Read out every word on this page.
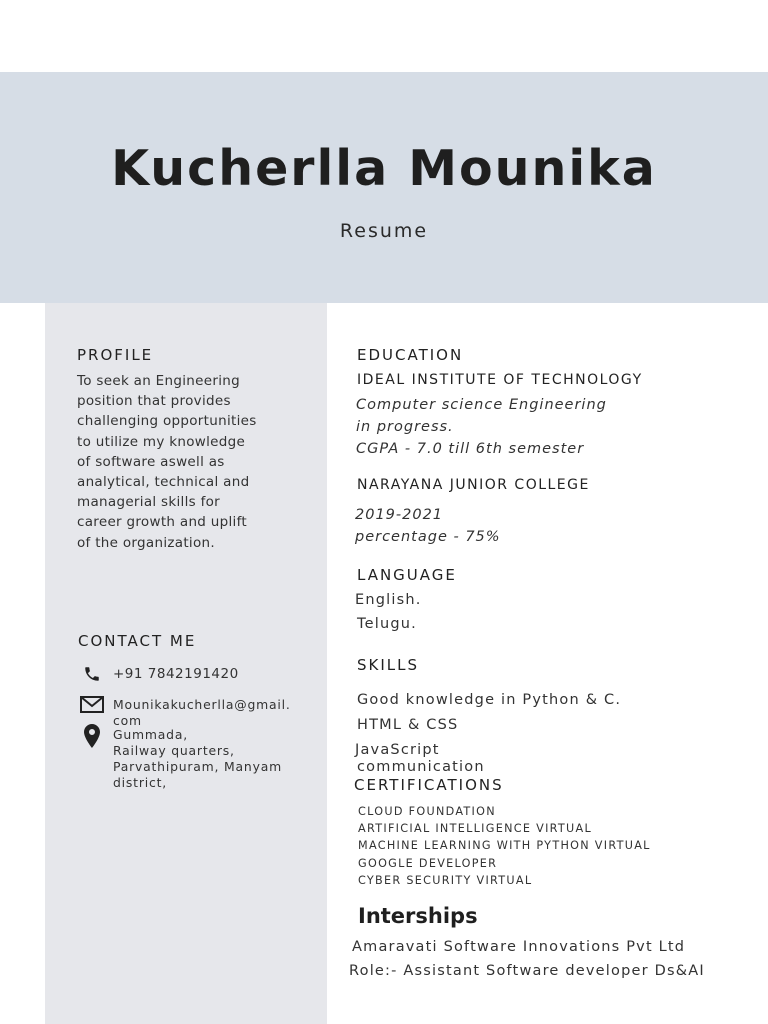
Kucherlla Mounika
Resume
PROFILE
To seek an Engineering
position that provides
challenging opportunities
to utilize my knowledge
of software aswell as
analytical, technical and
managerial skills for
career growth and uplift
of the organization.
CONTACT ME
+91 7842191420
Mounikakucherlla@gmail.
com
Gummada,
Railway quarters,
Parvathipuram, Manyam
district,
EDUCATION
IDEAL INSTITUTE OF TECHNOLOGY
Computer science Engineering
in progress.
CGPA - 7.0 till 6th semester
NARAYANA JUNIOR COLLEGE
2019-2021
percentage - 75%
LANGUAGE
English.
Telugu.
SKILLS
Good knowledge in Python & C.
HTML & CSS
JavaScript
communication
CERTIFICATIONS
CLOUD FOUNDATION
ARTIFICIAL INTELLIGENCE VIRTUAL
MACHINE LEARNING WITH PYTHON VIRTUAL
GOOGLE DEVELOPER
CYBER SECURITY VIRTUAL
Interships
Amaravati Software Innovations Pvt Ltd
Role:- Assistant Software developer Ds&AI
